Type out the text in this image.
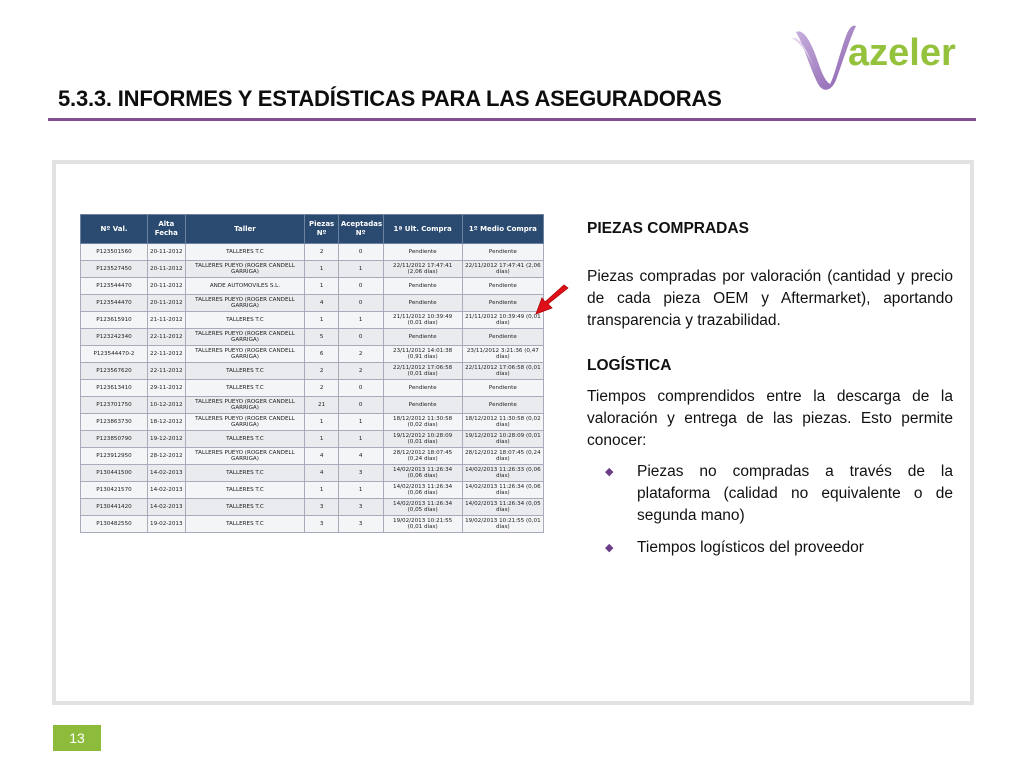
azeler
5.3.3. INFORMES Y ESTADÍSTICAS PARA LAS ASEGURADORAS
Nº Val.	Alta Fecha	Taller	Piezas Nº	Aceptadas Nº	1ª Ult. Compra	1º Medio Compra
P123501560	20-11-2012	TALLERES T.C	2	0	Pendiente	Pendiente
P123527450	20-11-2012	TALLERES PUEYO (ROGER CANDELL GARRIGA)	1	1	22/11/2012 17:47:41 (2,06 días)	22/11/2012 17:47:41 (2,06 días)
P123544470	20-11-2012	ANDE AUTOMOVILES S.L.	1	0	Pendiente	Pendiente
P123544470	20-11-2012	TALLERES PUEYO (ROGER CANDELL GARRIGA)	4	0	Pendiente	Pendiente
P123615910	21-11-2012	TALLERES T.C	1	1	21/11/2012 10:39:49 (0,01 días)	21/11/2012 10:39:49 (0,01 días)
P123242340	22-11-2012	TALLERES PUEYO (ROGER CANDELL GARRIGA)	5	0	Pendiente	Pendiente
P123544470-2	22-11-2012	TALLERES PUEYO (ROGER CANDELL GARRIGA)	6	2	23/11/2012 14:01:38 (0,91 días)	23/11/2012 3:21:36 (0,47 días)
P123567620	22-11-2012	TALLERES T.C	2	2	22/11/2012 17:06:58 (0,01 días)	22/11/2012 17:06:58 (0,01 días)
P123613410	29-11-2012	TALLERES T.C	2	0	Pendiente	Pendiente
P123701750	10-12-2012	TALLERES PUEYO (ROGER CANDELL GARRIGA)	21	0	Pendiente	Pendiente
P123863730	18-12-2012	TALLERES PUEYO (ROGER CANDELL GARRIGA)	1	1	18/12/2012 11:30:58 (0,02 días)	18/12/2012 11:30:58 (0,02 días)
P123850790	19-12-2012	TALLERES T.C	1	1	19/12/2012 10:28:09 (0,01 días)	19/12/2012 10:28:09 (0,01 días)
P123912950	28-12-2012	TALLERES PUEYO (ROGER CANDELL GARRIGA)	4	4	28/12/2012 18:07:45 (0,24 días)	28/12/2012 18:07:45 (0,24 días)
P130441500	14-02-2013	TALLERES T.C	4	3	14/02/2013 11:26:34 (0,06 días)	14/02/2013 11:26:33 (0,06 días)
P130421570	14-02-2013	TALLERES T.C	1	1	14/02/2013 11:26:34 (0,06 días)	14/02/2013 11:26:34 (0,06 días)
P130441420	14-02-2013	TALLERES T.C	3	3	14/02/2013 11:26:34 (0,05 días)	14/02/2013 11:26:34 (0,05 días)
P130482550	19-02-2013	TALLERES T.C	3	3	19/02/2013 10:21:55 (0,01 días)	19/02/2013 10:21:55 (0,01 días)
PIEZAS COMPRADAS
Piezas compradas por valoración (cantidad y precio de cada pieza OEM y Aftermarket), aportando transparencia y trazabilidad.
LOGÍSTICA
Tiempos comprendidos entre la descarga de la valoración y entrega de las piezas. Esto permite conocer:
◆	Piezas no compradas a través de la plataforma (calidad no equivalente o de segunda mano)
◆	Tiempos logísticos del proveedor
13
